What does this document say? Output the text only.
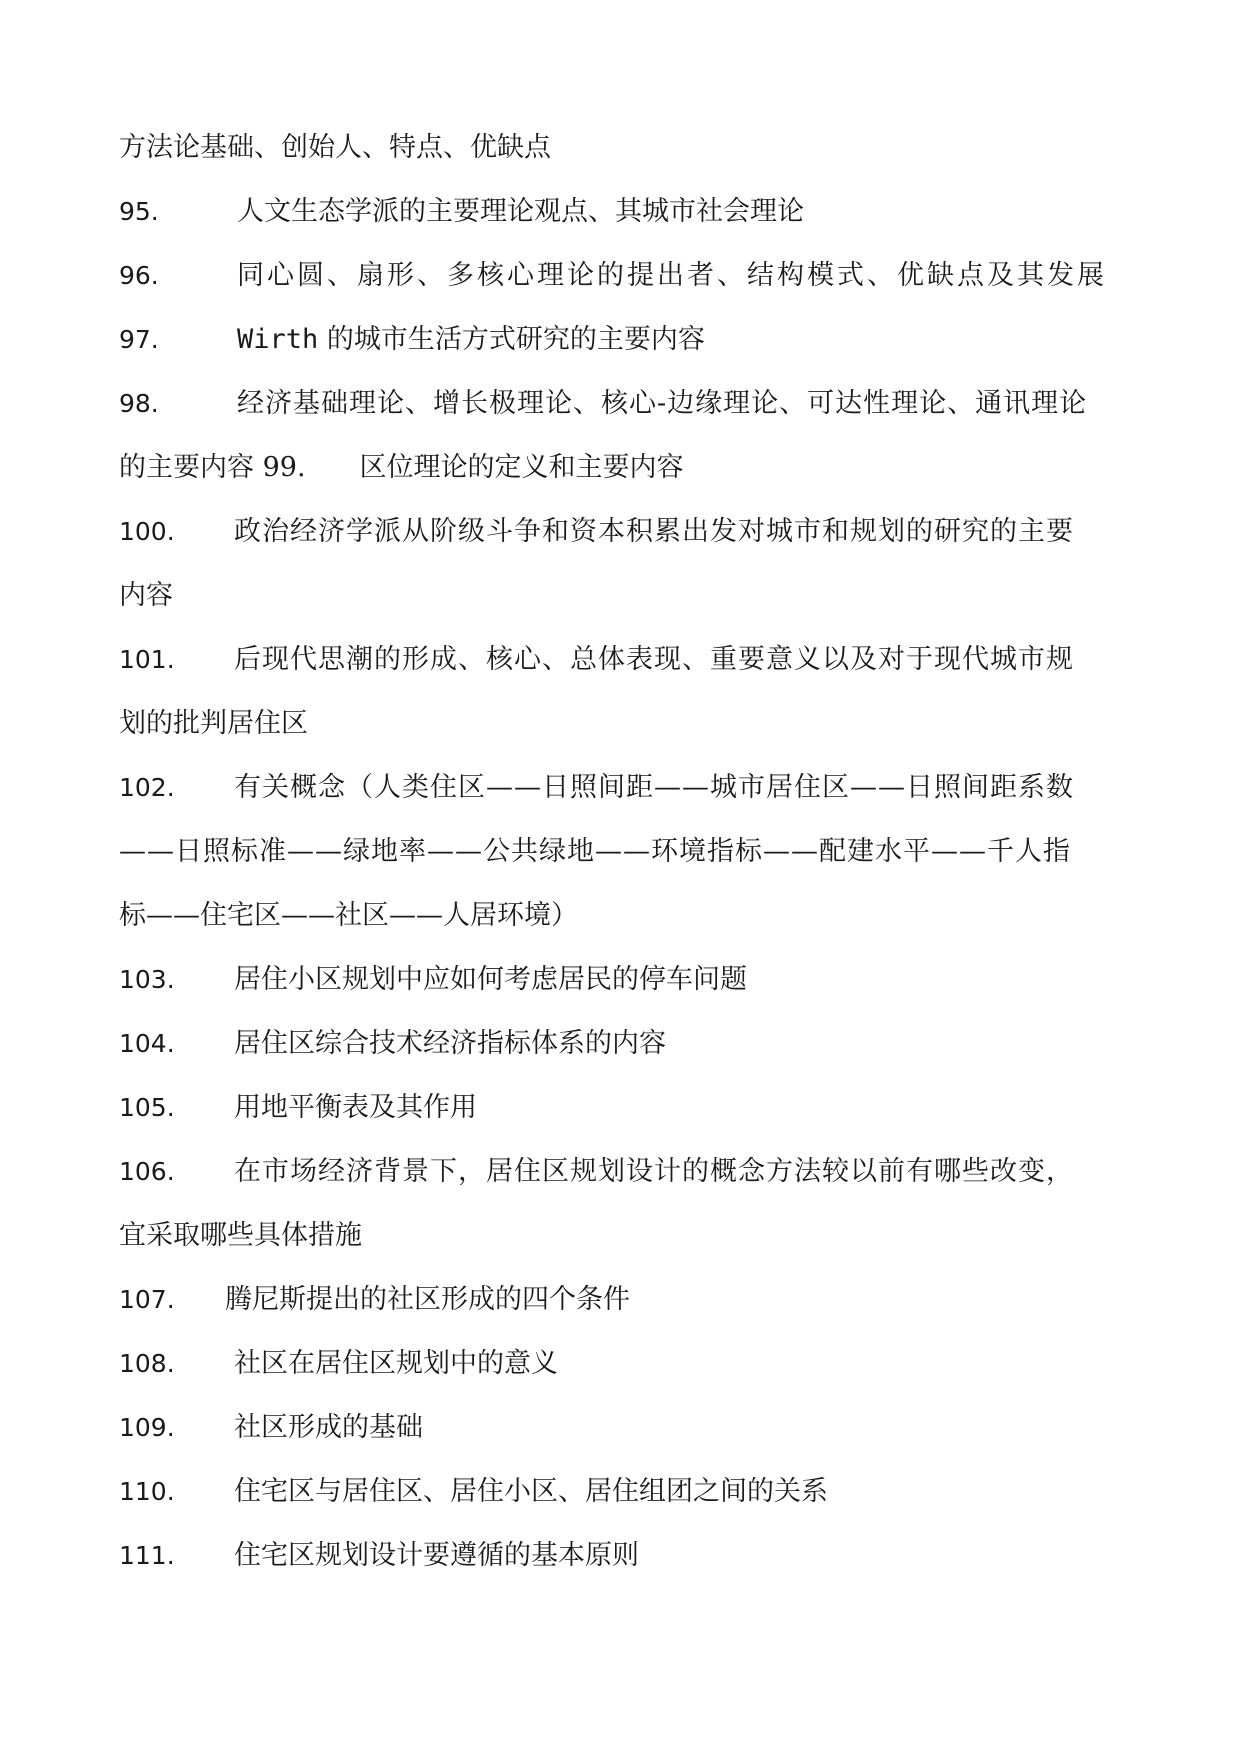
方法论基础、创始人、特点、优缺点
95.	人文生态学派的主要理论观点、其城市社会理论
96.	同心圆、扇形、多核心理论的提出者、结构模式、优缺点及其发展
97.	Wirth 的城市生活方式研究的主要内容
98.	经济基础理论、增长极理论、核心-边缘理论、可达性理论、通讯理论
的主要内容 99. 区位理论的定义和主要内容
100. 政治经济学派从阶级斗争和资本积累出发对城市和规划的研究的主要
内容
101. 后现代思潮的形成、核心、总体表现、重要意义以及对于现代城市规
划的批判居住区
102. 有关概念（人类住区——日照间距——城市居住区——日照间距系数
——日照标准——绿地率——公共绿地——环境指标——配建水平——千人指
标——住宅区——社区——人居环境）
103. 居住小区规划中应如何考虑居民的停车问题
104. 居住区综合技术经济指标体系的内容
105. 用地平衡表及其作用
106. 在市场经济背景下，居住区规划设计的概念方法较以前有哪些改变，
宜采取哪些具体措施
107. 腾尼斯提出的社区形成的四个条件
108. 社区在居住区规划中的意义
109. 社区形成的基础
110. 住宅区与居住区、居住小区、居住组团之间的关系
111. 住宅区规划设计要遵循的基本原则
